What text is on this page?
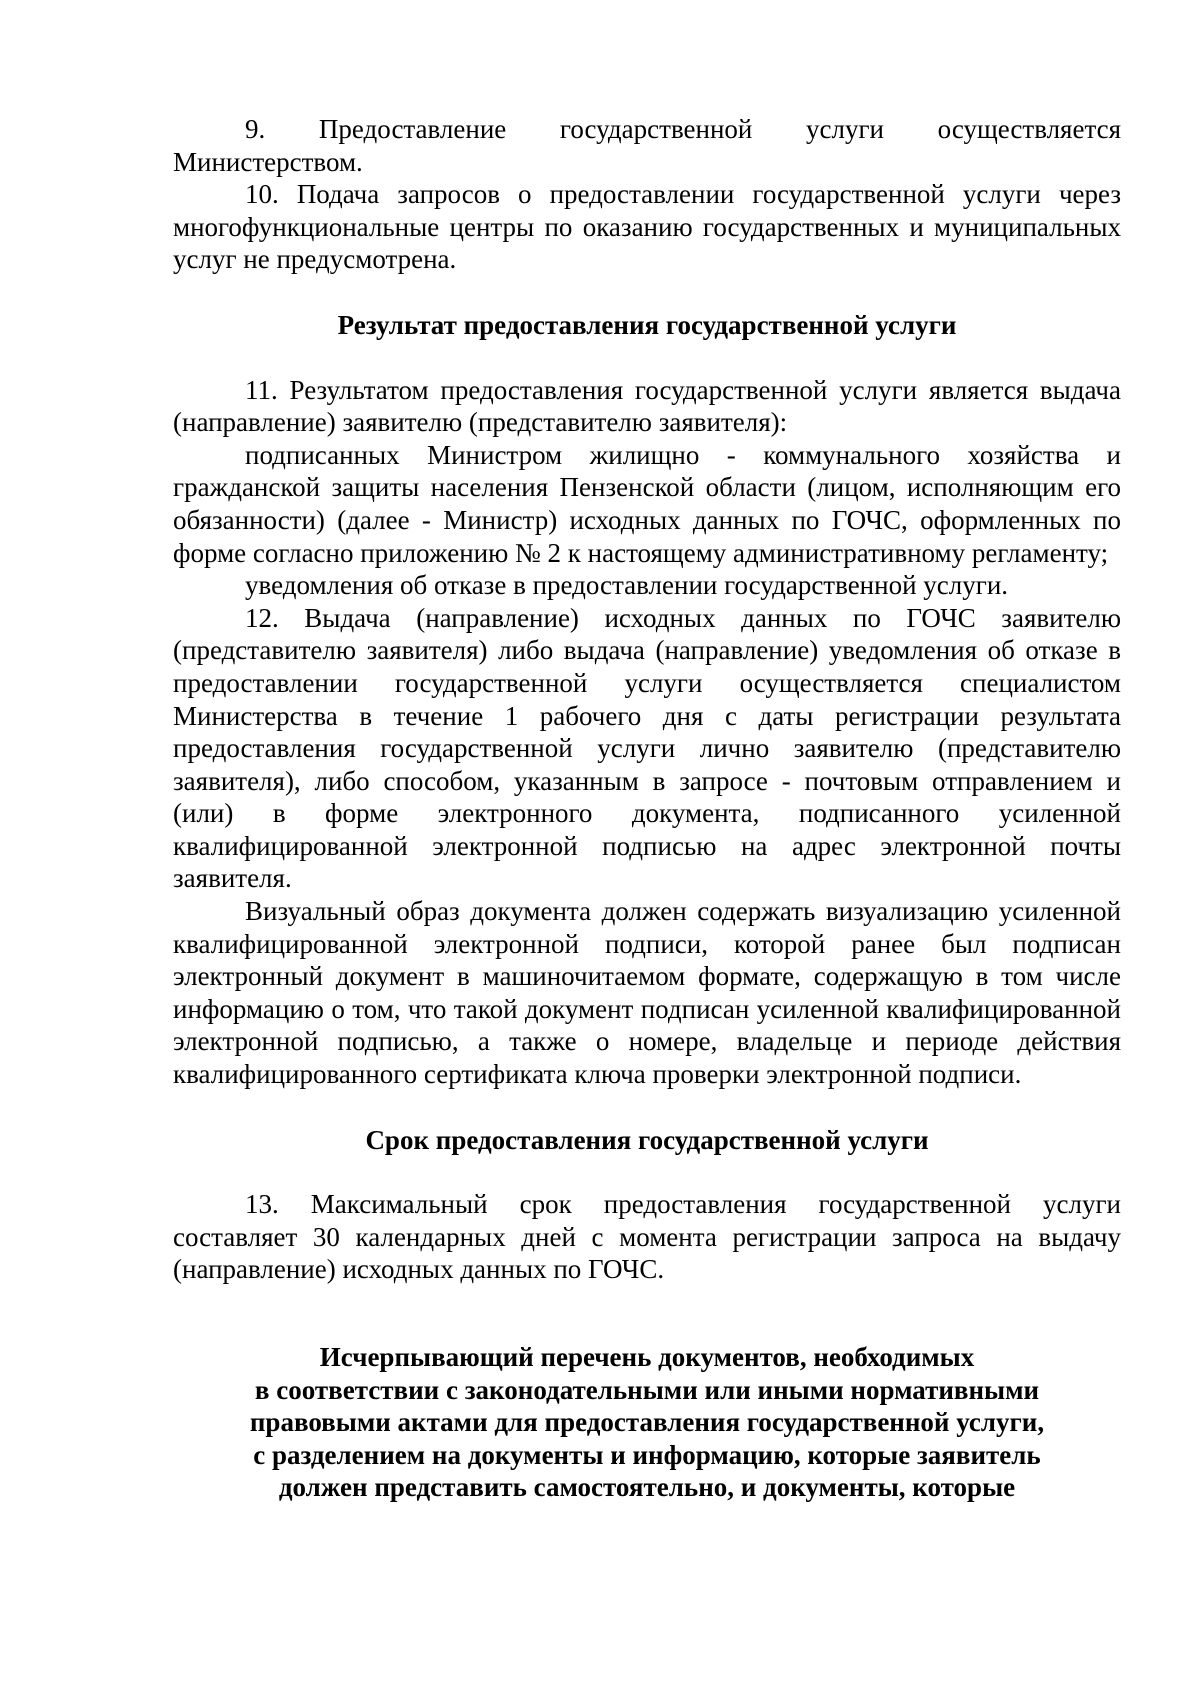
9. Предоставление государственной услуги осуществляется Министерством.

10. Подача запросов о предоставлении государственной услуги через многофункциональные центры по оказанию государственных и муниципальных услуг не предусмотрена.

Результат предоставления государственной услуги

11. Результатом предоставления государственной услуги является выдача (направление) заявителю (представителю заявителя):

подписанных Министром жилищно - коммунального хозяйства и гражданской защиты населения Пензенской области (лицом, исполняющим его обязанности) (далее - Министр) исходных данных по ГОЧС, оформленных по форме согласно приложению № 2 к настоящему административному регламенту;

уведомления об отказе в предоставлении государственной услуги.

12. Выдача (направление) исходных данных по ГОЧС заявителю (представителю заявителя) либо выдача (направление) уведомления об отказе в предоставлении государственной услуги осуществляется специалистом Министерства в течение 1 рабочего дня с даты регистрации результата предоставления государственной услуги лично заявителю (представителю заявителя), либо способом, указанным в запросе - почтовым отправлением и (или) в форме электронного документа, подписанного усиленной квалифицированной электронной подписью на адрес электронной почты заявителя.

Визуальный образ документа должен содержать визуализацию усиленной квалифицированной электронной подписи, которой ранее был подписан электронный документ в машиночитаемом формате, содержащую в том числе информацию о том, что такой документ подписан усиленной квалифицированной электронной подписью, а также о номере, владельце и периоде действия квалифицированного сертификата ключа проверки электронной подписи.

Срок предоставления государственной услуги

13. Максимальный срок предоставления государственной услуги составляет 30 календарных дней с момента регистрации запроса на выдачу (направление) исходных данных по ГОЧС.

Исчерпывающий перечень документов, необходимых
в соответствии с законодательными или иными нормативными
правовыми актами для предоставления государственной услуги,
с разделением на документы и информацию, которые заявитель
должен представить самостоятельно, и документы, которые
